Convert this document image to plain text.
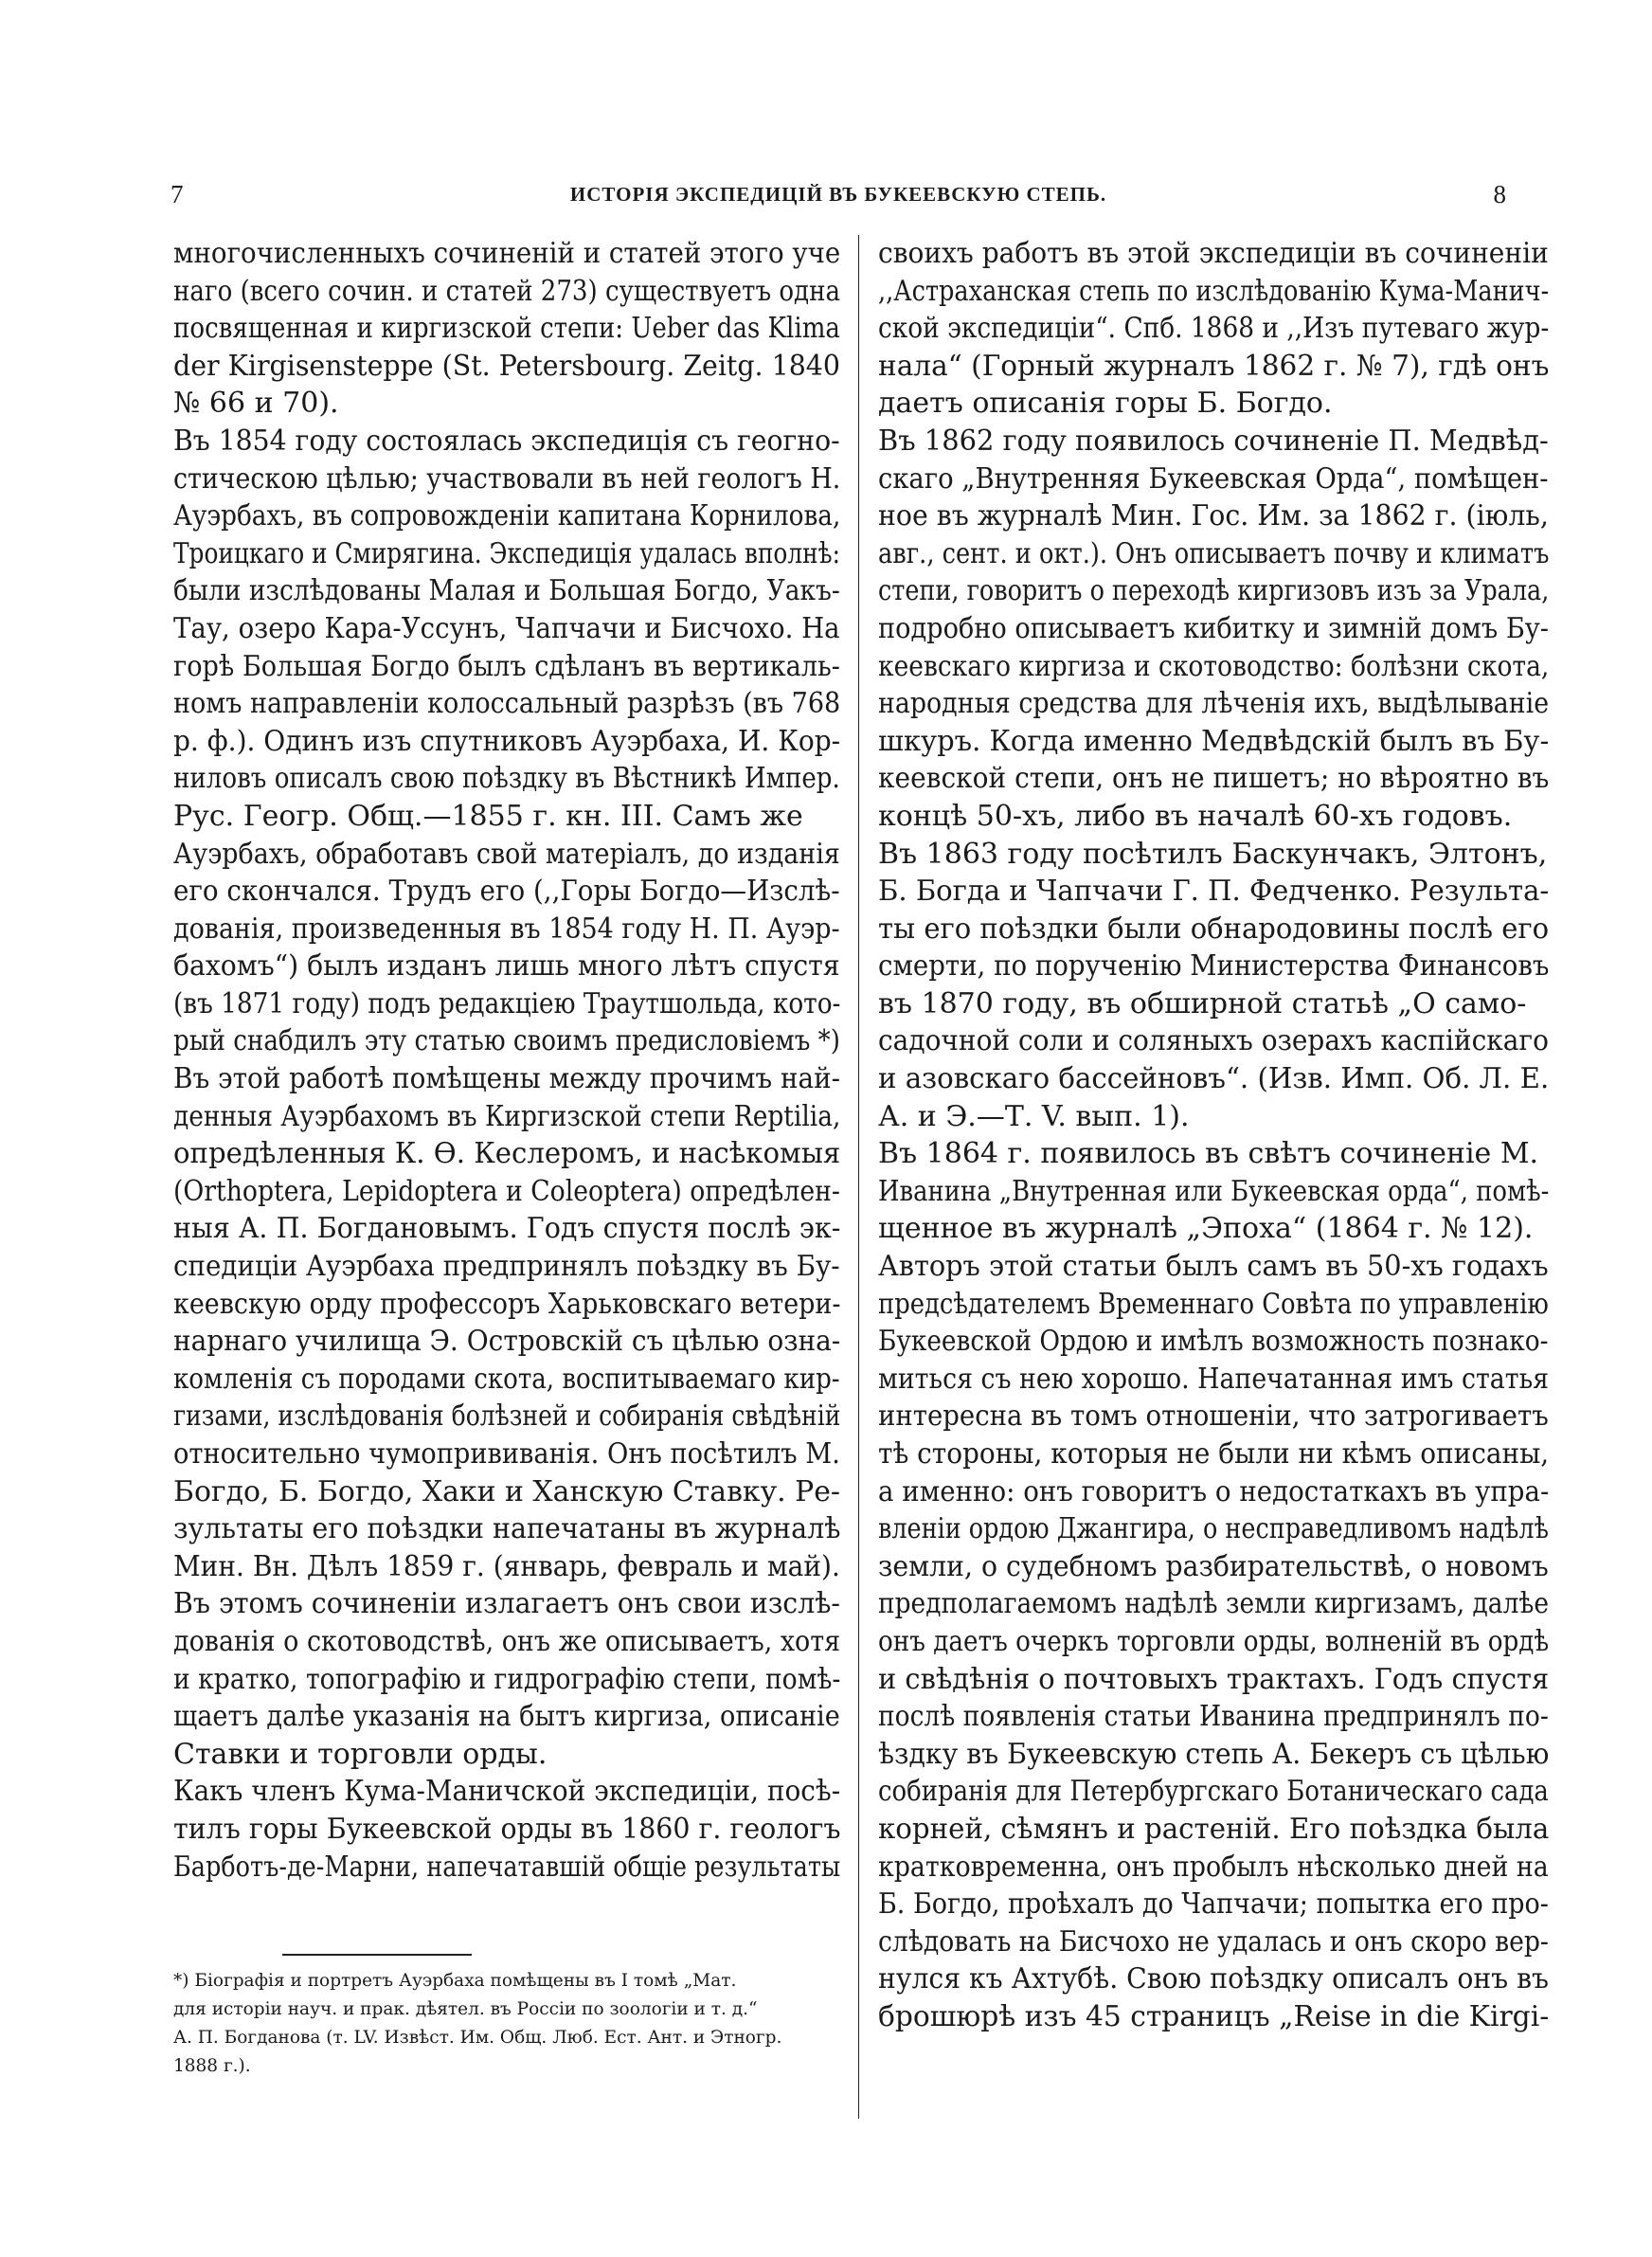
7	ИСТОРІЯ ЭКСПЕДИЦІЙ ВЪ БУКЕЕВСКУЮ СТЕПЬ.	8
многочисленныхъ сочиненій и статей этого уче
наго (всего сочин. и статей 273) существуетъ одна
посвященная и киргизской степи: Ueber das Klima
der Kirgisensteppe (St. Petersbourg. Zeitg. 1840
№ 66 и 70).
Въ 1854 году состоялась экспедиція съ геогно-
стическою цѣлью; участвовали въ ней геологъ Н.
Ауэрбахъ, въ сопровожденіи капитана Корнилова,
Троицкаго и Смирягина. Экспедиція удалась вполнѣ:
были изслѣдованы Малая и Большая Богдо, Уакъ-
Тау, озеро Кара-Уссунъ, Чапчачи и Бисчохо. На
горѣ Большая Богдо былъ сдѣланъ въ вертикаль-
номъ направленіи колоссальный разрѣзъ (въ 768
р. ф.). Одинъ изъ спутниковъ Ауэрбаха, И. Кор-
ниловъ описалъ свою поѣздку въ Вѣстникѣ Импер.
Рус. Геогр. Общ.—1855 г. кн. III. Самъ же
Ауэрбахъ, обработавъ свой матеріалъ, до изданія
его скончался. Трудъ его (,,Горы Богдо—Изслѣ-
дованія, произведенныя въ 1854 году Н. П. Ауэр-
бахомъ“) былъ изданъ лишь много лѣтъ спустя
(въ 1871 году) подъ редакціею Траутшольда, кото-
рый снабдилъ эту статью своимъ предисловіемъ *)
Въ этой работѣ помѣщены между прочимъ най-
денныя Ауэрбахомъ въ Киргизской степи Reptilia,
опредѣленныя К. Ѳ. Кеслеромъ, и насѣкомыя
(Orthoptera, Lepidoptera и Coleoptera) опредѣлен-
ныя А. П. Богдановымъ. Годъ спустя послѣ эк-
спедиціи Ауэрбаха предпринялъ поѣздку въ Бу-
кеевскую орду профессоръ Харьковскаго ветери-
нарнаго училища Э. Островскій съ цѣлью озна-
комленія съ породами скота, воспитываемаго кир-
гизами, изслѣдованія болѣзней и собиранія свѣдѣній
относительно чумопрививанія. Онъ посѣтилъ М.
Богдо, Б. Богдо, Хаки и Ханскую Ставку. Ре-
зультаты его поѣздки напечатаны въ журналѣ
Мин. Вн. Дѣлъ 1859 г. (январь, февраль и май).
Въ этомъ сочиненіи излагаетъ онъ свои изслѣ-
дованія о скотоводствѣ, онъ же описываетъ, хотя
и кратко, топографію и гидрографію степи, помѣ-
щаетъ далѣе указанія на бытъ киргиза, описаніе
Ставки и торговли орды.
Какъ членъ Кума-Маничской экспедиціи, посѣ-
тилъ горы Букеевской орды въ 1860 г. геологъ
Барботъ-де-Марни, напечатавшій общіе результаты
своихъ работъ въ этой экспедиціи въ сочиненіи
,,Астраханская степь по изслѣдованію Кума-Манич-
ской экспедиціи“. Спб. 1868 и ,,Изъ путеваго жур-
нала“ (Горный журналъ 1862 г. № 7), гдѣ онъ
даетъ описанія горы Б. Богдо.
Въ 1862 году появилось сочиненіе П. Медвѣд-
скаго „Внутренняя Букеевская Орда“, помѣщен-
ное въ журналѣ Мин. Гос. Им. за 1862 г. (іюль,
авг., сент. и окт.). Онъ описываетъ почву и климатъ
степи, говоритъ о переходѣ киргизовъ изъ за Урала,
подробно описываетъ кибитку и зимній домъ Бу-
кеевскаго киргиза и скотоводство: болѣзни скота,
народныя средства для лѣченія ихъ, выдѣлываніе
шкуръ. Когда именно Медвѣдскій былъ въ Бу-
кеевской степи, онъ не пишетъ; но вѣроятно въ
концѣ 50-хъ, либо въ началѣ 60-хъ годовъ.
Въ 1863 году посѣтилъ Баскунчакъ, Элтонъ,
Б. Богда и Чапчачи Г. П. Федченко. Результа-
ты его поѣздки были обнародовины послѣ его
смерти, по порученію Министерства Финансовъ
въ 1870 году, въ обширной статьѣ „О само-
садочной соли и соляныхъ озерахъ каспійскаго
и азовскаго бассейновъ“. (Изв. Имп. Об. Л. Е.
А. и Э.—Т. V. вып. 1).
Въ 1864 г. появилось въ свѣтъ сочиненіе М.
Иванина „Внутренная или Букеевская орда“, помѣ-
щенное въ журналѣ „Эпоха“ (1864 г. № 12).
Авторъ этой статьи былъ самъ въ 50-хъ годахъ
предсѣдателемъ Временнаго Совѣта по управленію
Букеевской Ордою и имѣлъ возможность познако-
миться съ нею хорошо. Напечатанная имъ статья
интересна въ томъ отношеніи, что затрогиваетъ
тѣ стороны, которыя не были ни кѣмъ описаны,
а именно: онъ говоритъ о недостаткахъ въ упра-
вленіи ордою Джангира, о несправедливомъ надѣлѣ
земли, о судебномъ разбирательствѣ, о новомъ
предполагаемомъ надѣлѣ земли киргизамъ, далѣе
онъ даетъ очеркъ торговли орды, волненій въ ордѣ
и свѣдѣнія о почтовыхъ трактахъ. Годъ спустя
послѣ появленія статьи Иванина предпринялъ по-
ѣздку въ Букеевскую степь А. Бекеръ съ цѣлью
собиранія для Петербургскаго Ботаническаго сада
корней, сѣмянъ и растеній. Его поѣздка была
кратковременна, онъ пробылъ нѣсколько дней на
Б. Богдо, проѣхалъ до Чапчачи; попытка его про-
слѣдовать на Бисчохо не удалась и онъ скоро вер-
нулся къ Ахтубѣ. Свою поѣздку описалъ онъ въ
брошюрѣ изъ 45 страницъ „Reise in die Kirgi-
*) Біографія и портретъ Ауэрбаха помѣщены въ I томѣ „Мат.
для исторіи науч. и прак. дѣятел. въ Россіи по зоологіи и т. д.“
А. П. Богданова (т. LV. Извѣст. Им. Общ. Люб. Ест. Ант. и Этногр.
1888 г.).
